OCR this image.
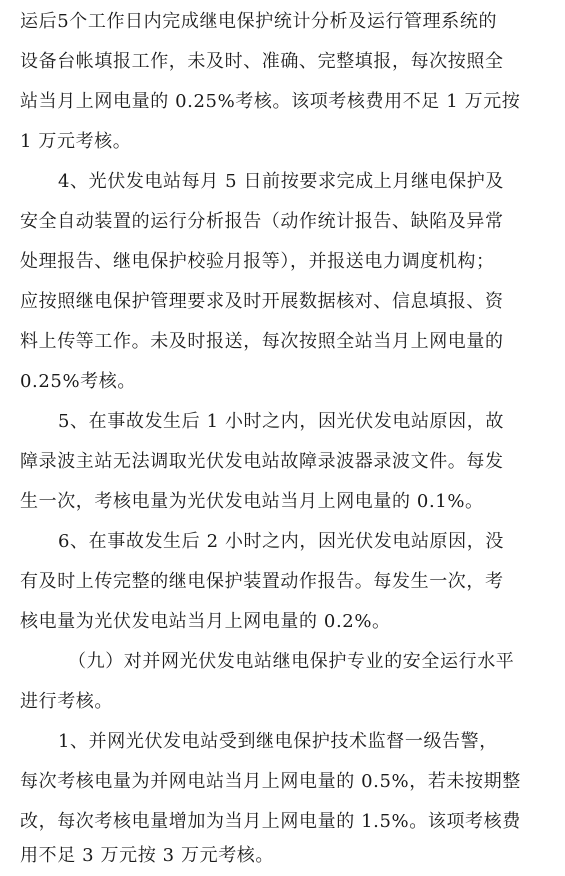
运后5个工作日内完成继电保护统计分析及运行管理系统的
设备台帐填报工作，未及时、准确、完整填报，每次按照全
站当月上网电量的 0.25%考核。该项考核费用不足 1 万元按
1 万元考核。
4、光伏发电站每月 5 日前按要求完成上月继电保护及
安全自动装置的运行分析报告（动作统计报告、缺陷及异常
处理报告、继电保护校验月报等），并报送电力调度机构；
应按照继电保护管理要求及时开展数据核对、信息填报、资
料上传等工作。未及时报送，每次按照全站当月上网电量的
0.25%考核。
5、在事故发生后 1 小时之内，因光伏发电站原因，故
障录波主站无法调取光伏发电站故障录波器录波文件。每发
生一次，考核电量为光伏发电站当月上网电量的 0.1%。
6、在事故发生后 2 小时之内，因光伏发电站原因，没
有及时上传完整的继电保护装置动作报告。每发生一次，考
核电量为光伏发电站当月上网电量的 0.2%。
（九）对并网光伏发电站继电保护专业的安全运行水平
进行考核。
1、并网光伏发电站受到继电保护技术监督一级告警，
每次考核电量为并网电站当月上网电量的 0.5%，若未按期整
改，每次考核电量增加为当月上网电量的 1.5%。该项考核费
用不足 3 万元按 3 万元考核。
